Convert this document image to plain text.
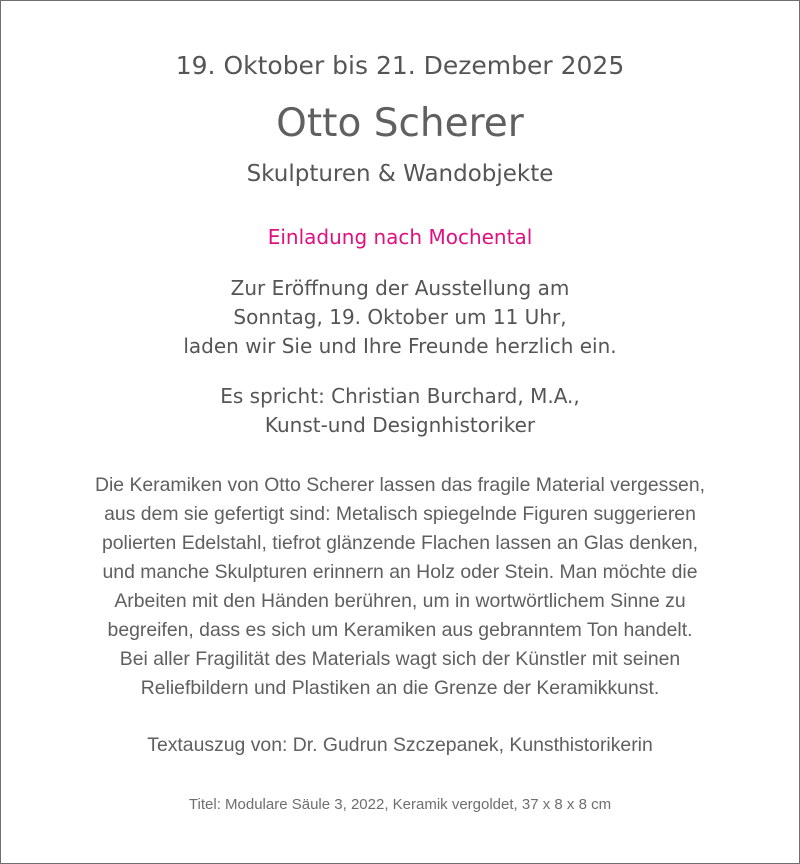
19. Oktober bis 21. Dezember 2025
Otto Scherer
Skulpturen & Wandobjekte
Einladung nach Mochental
Zur Eröffnung der Ausstellung am
Sonntag, 19. Oktober um 11 Uhr,
laden wir Sie und Ihre Freunde herzlich ein.
Es spricht: Christian Burchard, M.A.,
Kunst-und Designhistoriker
Die Keramiken von Otto Scherer lassen das fragile Material vergessen,
aus dem sie gefertigt sind: Metalisch spiegelnde Figuren suggerieren
polierten Edelstahl, tiefrot glänzende Flachen lassen an Glas denken,
und manche Skulpturen erinnern an Holz oder Stein. Man möchte die
Arbeiten mit den Händen berühren, um in wortwörtlichem Sinne zu
begreifen, dass es sich um Keramiken aus gebranntem Ton handelt.
Bei aller Fragilität des Materials wagt sich der Künstler mit seinen
Reliefbildern und Plastiken an die Grenze der Keramikkunst.
Textauszug von: Dr. Gudrun Szczepanek, Kunsthistorikerin
Titel: Modulare Säule 3, 2022, Keramik vergoldet, 37 x 8 x 8 cm
